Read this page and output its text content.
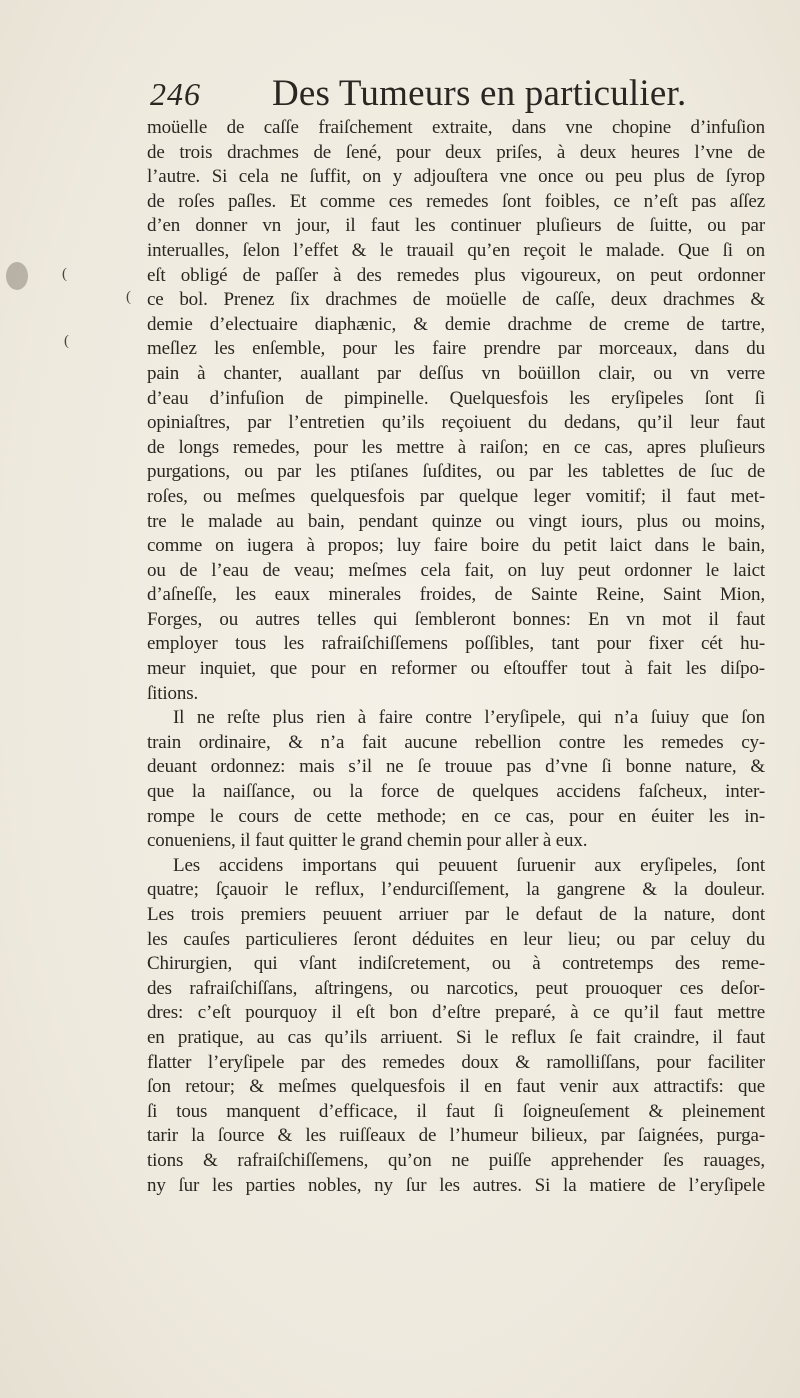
(
(
(
246 Des Tumeurs en particulier.
moüelle de caſſe fraiſchement extraite, dans vne chopine d’infuſion
de trois drachmes de ſené, pour deux priſes, à deux heures l’vne de
l’autre. Si cela ne ſuffit, on y adjouſtera vne once ou peu plus de ſyrop
de roſes paſles. Et comme ces remedes ſont foibles, ce n’eſt pas aſſez
d’en donner vn jour, il faut les continuer pluſieurs de ſuitte, ou par
interualles, ſelon l’effet & le trauail qu’en reçoit le malade. Que ſi on
eſt obligé de paſſer à des remedes plus vigoureux, on peut ordonner
ce bol. Prenez ſix drachmes de moüelle de caſſe, deux drachmes &
demie d’electuaire diaphænic, & demie drachme de creme de tartre,
meſlez les enſemble, pour les faire prendre par morceaux, dans du
pain à chanter, auallant par deſſus vn boüillon clair, ou vn verre
d’eau d’infuſion de pimpinelle. Quelquesfois les eryſipeles ſont ſi
opiniaſtres, par l’entretien qu’ils reçoiuent du dedans, qu’il leur faut
de longs remedes, pour les mettre à raiſon; en ce cas, apres pluſieurs
purgations, ou par les ptiſanes ſuſdites, ou par les tablettes de ſuc de
roſes, ou meſmes quelquesfois par quelque leger vomitif; il faut met-
tre le malade au bain, pendant quinze ou vingt iours, plus ou moins,
comme on iugera à propos; luy faire boire du petit laict dans le bain,
ou de l’eau de veau; meſmes cela fait, on luy peut ordonner le laict
d’aſneſſe, les eaux minerales froides, de Sainte Reine, Saint Mion,
Forges, ou autres telles qui ſembleront bonnes: En vn mot il faut
employer tous les rafraiſchiſſemens poſſibles, tant pour fixer cét hu-
meur inquiet, que pour en reformer ou eſtouffer tout à fait les diſpo-
ſitions.
Il ne reſte plus rien à faire contre l’eryſipele, qui n’a ſuiuy que ſon
train ordinaire, & n’a fait aucune rebellion contre les remedes cy-
deuant ordonnez: mais s’il ne ſe trouue pas d’vne ſi bonne nature, &
que la naiſſance, ou la force de quelques accidens faſcheux, inter-
rompe le cours de cette methode; en ce cas, pour en éuiter les in-
conueniens, il faut quitter le grand chemin pour aller à eux.
Les accidens importans qui peuuent ſuruenir aux eryſipeles, ſont
quatre; ſçauoir le reflux, l’endurciſſement, la gangrene & la douleur.
Les trois premiers peuuent arriuer par le defaut de la nature, dont
les cauſes particulieres ſeront déduites en leur lieu; ou par celuy du
Chirurgien, qui vſant indiſcretement, ou à contretemps des reme-
des rafraiſchiſſans, aſtringens, ou narcotics, peut prouoquer ces deſor-
dres: c’eſt pourquoy il eſt bon d’eſtre preparé, à ce qu’il faut mettre
en pratique, au cas qu’ils arriuent. Si le reflux ſe fait craindre, il faut
flatter l’eryſipele par des remedes doux & ramolliſſans, pour faciliter
ſon retour; & meſmes quelquesfois il en faut venir aux attractifs: que
ſi tous manquent d’efficace, il faut ſi ſoigneuſement & pleinement
tarir la ſource & les ruiſſeaux de l’humeur bilieux, par ſaignées, purga-
tions & rafraiſchiſſemens, qu’on ne puiſſe apprehender ſes rauages,
ny ſur les parties nobles, ny ſur les autres. Si la matiere de l’eryſipele
